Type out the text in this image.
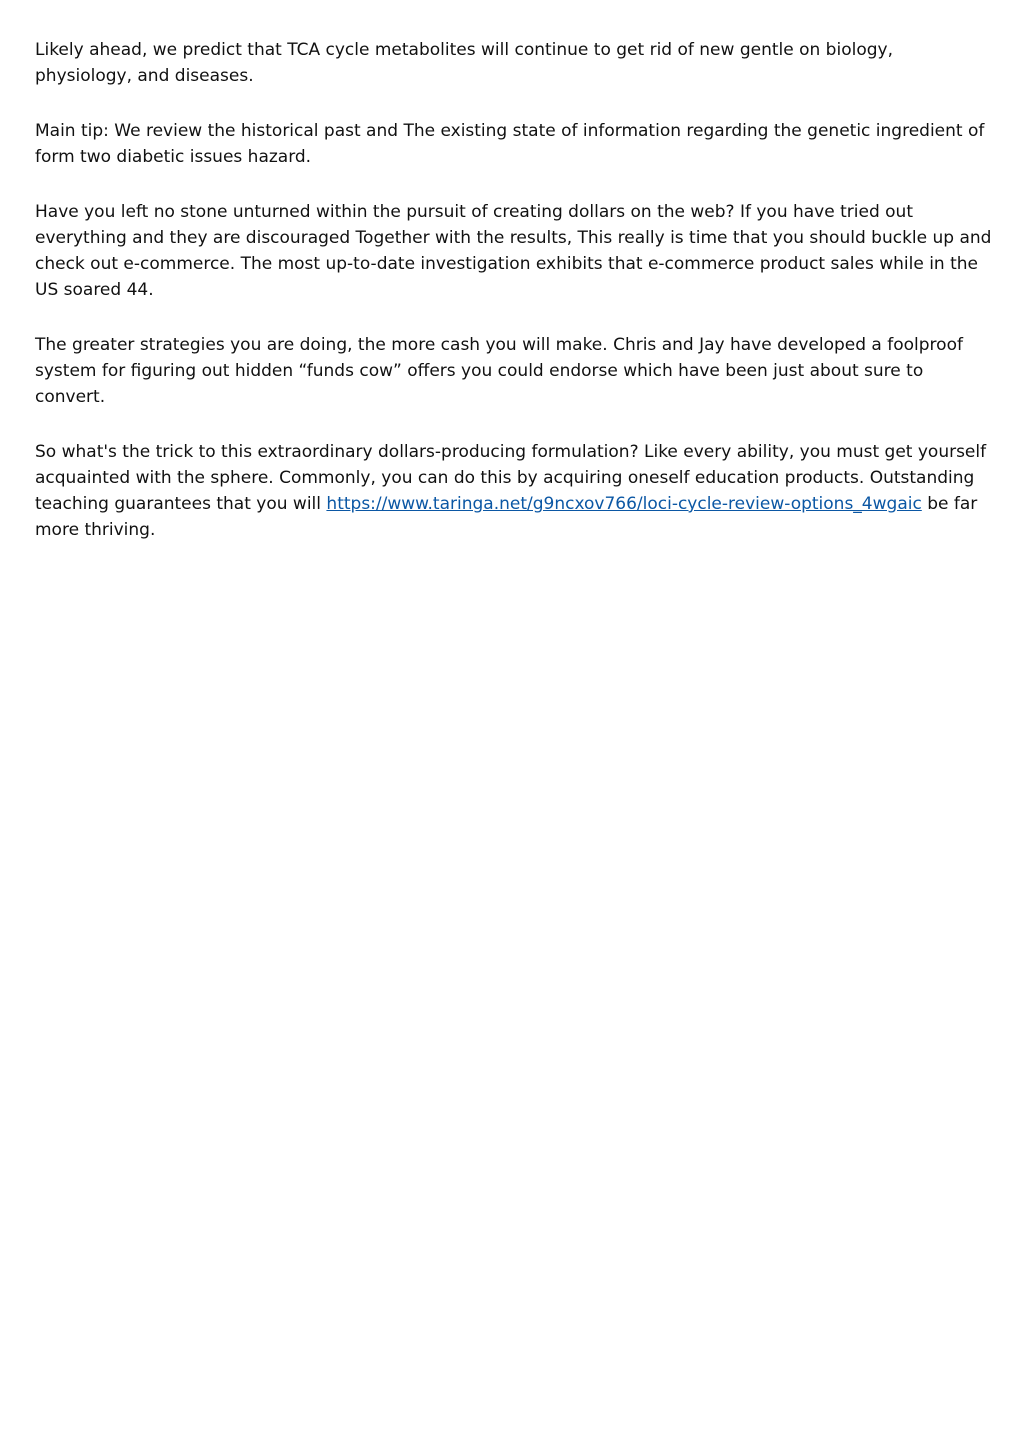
Likely ahead, we predict that TCA cycle metabolites will continue to get rid of new gentle on biology, physiology, and diseases.

Main tip: We review the historical past and The existing state of information regarding the genetic ingredient of form two diabetic issues hazard.

Have you left no stone unturned within the pursuit of creating dollars on the web? If you have tried out everything and they are discouraged Together with the results, This really is time that you should buckle up and check out e-commerce. The most up-to-date investigation exhibits that e-commerce product sales while in the US soared 44.

The greater strategies you are doing, the more cash you will make. Chris and Jay have developed a foolproof system for figuring out hidden “funds cow” offers you could endorse which have been just about sure to convert.

So what's the trick to this extraordinary dollars-producing formulation? Like every ability, you must get yourself acquainted with the sphere. Commonly, you can do this by acquiring oneself education products. Outstanding teaching guarantees that you will https://www.taringa.net/g9ncxov766/loci-cycle-review-options_4wgaic be far more thriving.
